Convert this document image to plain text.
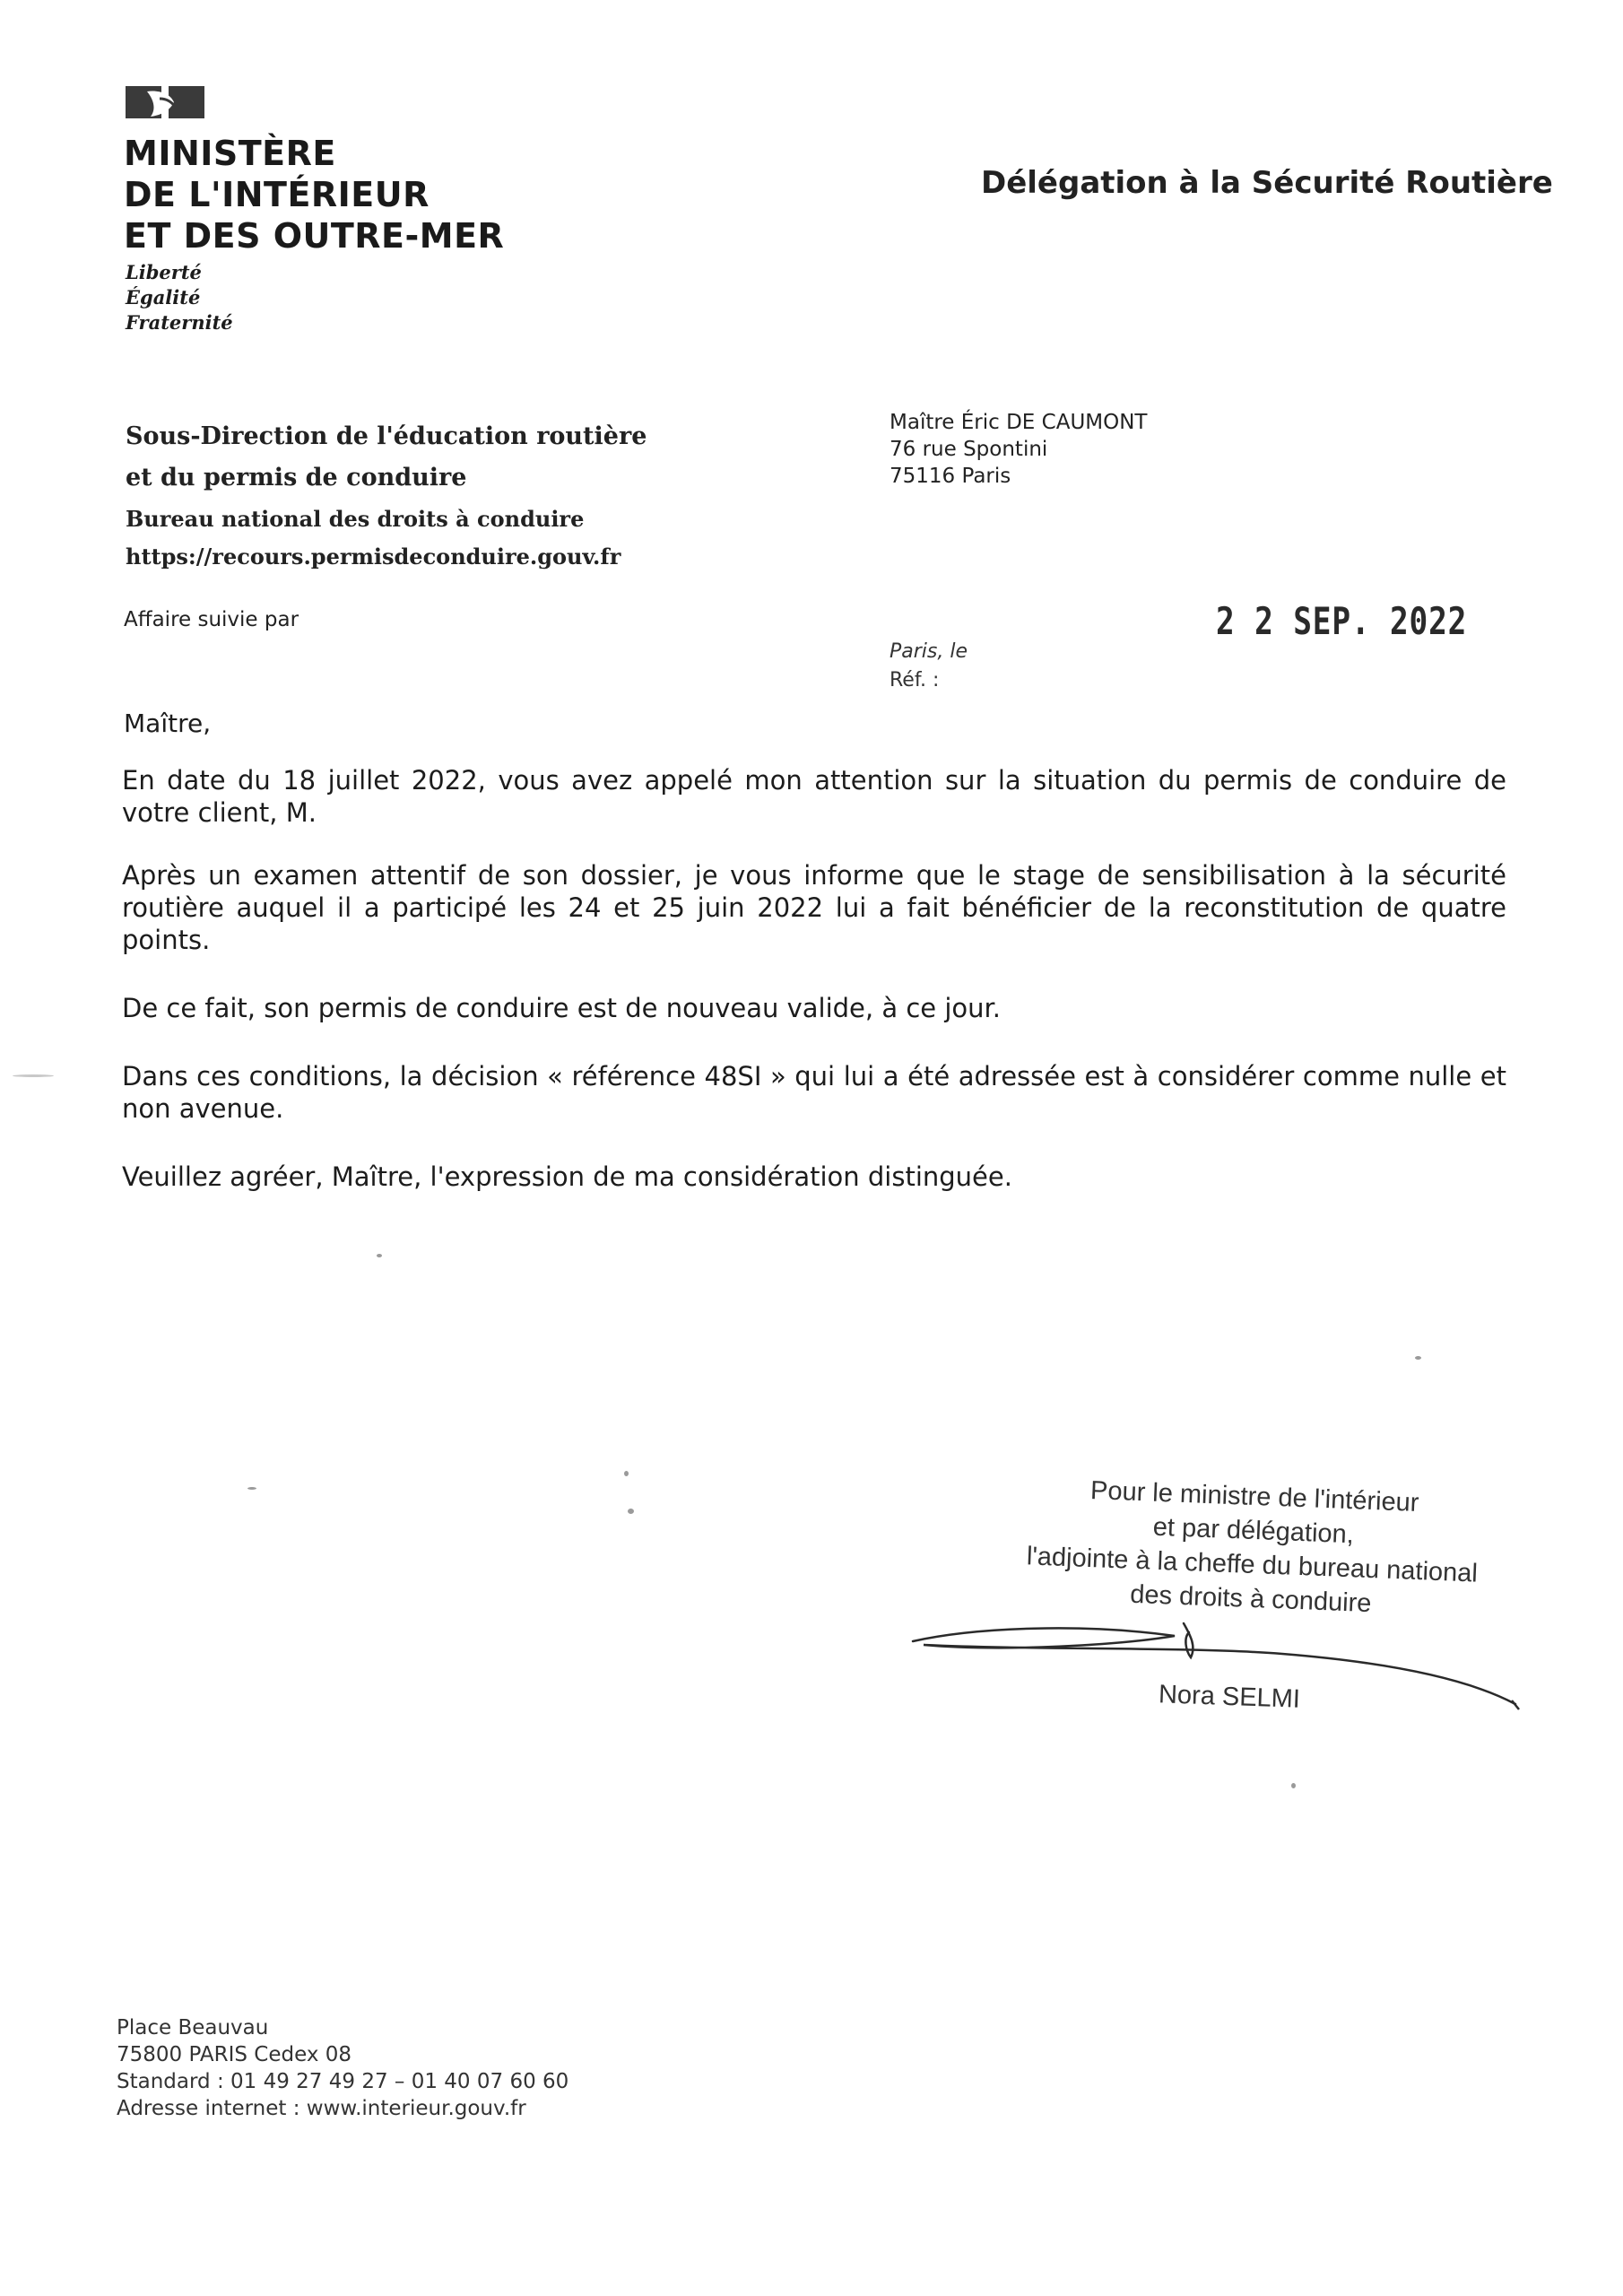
MINISTÈRE
DE L'INTÉRIEUR
ET DES OUTRE-MER
Liberté
Égalité
Fraternité
Délégation à la Sécurité Routière
Sous-Direction de l'éducation routière
et du permis de conduire
Bureau national des droits à conduire
https://recours.permisdeconduire.gouv.fr
Maître Éric DE CAUMONT
76 rue Spontini
75116 Paris
Affaire suivie par	2 2 SEP. 2022
Paris, le
Réf. :
Maître,
En date du 18 juillet 2022, vous avez appelé mon attention sur la situation du permis de conduire de votre client, M.
Après un examen attentif de son dossier, je vous informe que le stage de sensibilisation à la sécurité routière auquel il a participé les 24 et 25 juin 2022 lui a fait bénéficier de la reconstitution de quatre points.
De ce fait, son permis de conduire est de nouveau valide, à ce jour.
Dans ces conditions, la décision « référence 48SI » qui lui a été adressée est à considérer comme nulle et non avenue.
Veuillez agréer, Maître, l'expression de ma considération distinguée.
Pour le ministre de l'intérieur
et par délégation,
l'adjointe à la cheffe du bureau national
des droits à conduire
Nora SELMI
Place Beauvau
75800 PARIS Cedex 08
Standard : 01 49 27 49 27 – 01 40 07 60 60
Adresse internet : www.interieur.gouv.fr
